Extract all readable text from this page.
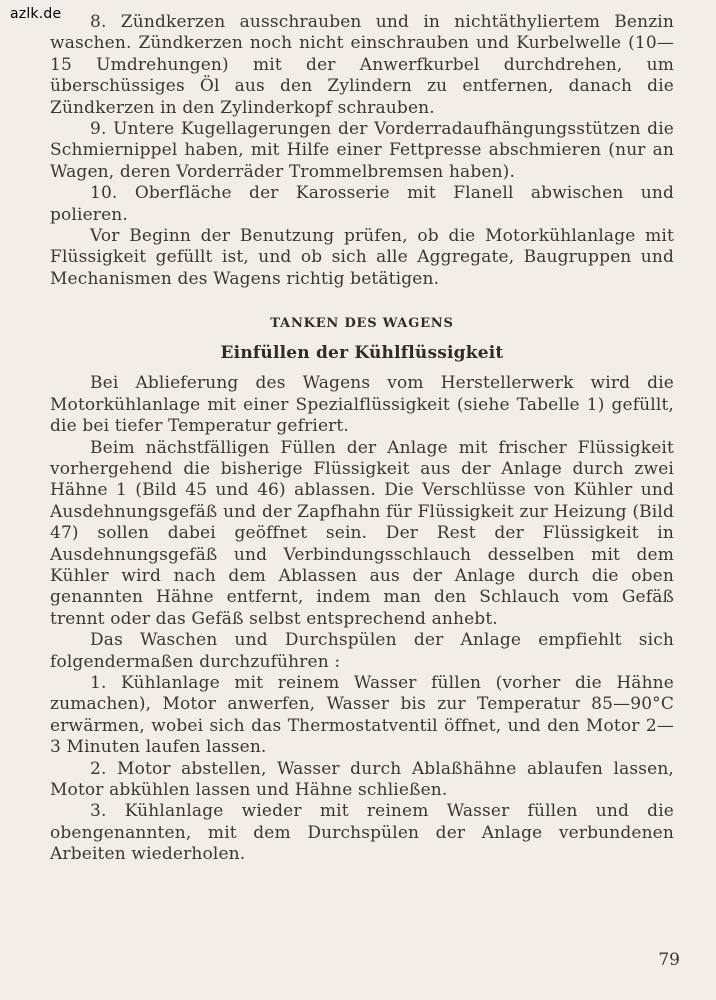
azlk.de	8. Zündkerzen ausschrauben und in nichtäthyliertem Benzin waschen. Zündkerzen noch nicht einschrauben und Kurbelwelle (10—15 Umdrehungen) mit der Anwerfkurbel durchdrehen, um überschüssiges Öl aus den Zylindern zu entfernen, danach die Zündkerzen in den Zylinderkopf schrauben.

9. Untere Kugellagerungen der Vorderradaufhängungsstützen die Schmiernippel haben, mit Hilfe einer Fettpresse abschmieren (nur an Wagen, deren Vorderräder Trommelbremsen haben).

10. Oberfläche der Karosserie mit Flanell abwischen und polieren.

Vor Beginn der Benutzung prüfen, ob die Motorkühlanlage mit Flüssigkeit gefüllt ist, und ob sich alle Aggregate, Baugruppen und Mechanismen des Wagens richtig betätigen.

TANKEN DES WAGENS
Einfüllen der Kühlflüssigkeit

Bei Ablieferung des Wagens vom Herstellerwerk wird die Motorkühlanlage mit einer Spezialflüssigkeit (siehe Tabelle 1) gefüllt, die bei tiefer Temperatur gefriert.

Beim nächstfälligen Füllen der Anlage mit frischer Flüssigkeit vorhergehend die bisherige Flüssigkeit aus der Anlage durch zwei Hähne 1 (Bild 45 und 46) ablassen. Die Verschlüsse von Kühler und Ausdehnungsgefäß und der Zapfhahn für Flüssigkeit zur Heizung (Bild 47) sollen dabei geöffnet sein. Der Rest der Flüssigkeit in Ausdehnungsgefäß und Verbindungsschlauch desselben mit dem Kühler wird nach dem Ablassen aus der Anlage durch die oben genannten Hähne entfernt, indem man den Schlauch vom Gefäß trennt oder das Gefäß selbst entsprechend anhebt.

Das Waschen und Durchspülen der Anlage empfiehlt sich folgendermaßen durchzuführen :

1. Kühlanlage mit reinem Wasser füllen (vorher die Hähne zumachen), Motor anwerfen, Wasser bis zur Temperatur 85—90°C erwärmen, wobei sich das Thermostatventil öffnet, und den Motor 2—3 Minuten laufen lassen.

2. Motor abstellen, Wasser durch Ablaßhähne ablaufen lassen, Motor abkühlen lassen und Hähne schließen.

3. Kühlanlage wieder mit reinem Wasser füllen und die obengenannten, mit dem Durchspülen der Anlage verbundenen Arbeiten wiederholen.

79
